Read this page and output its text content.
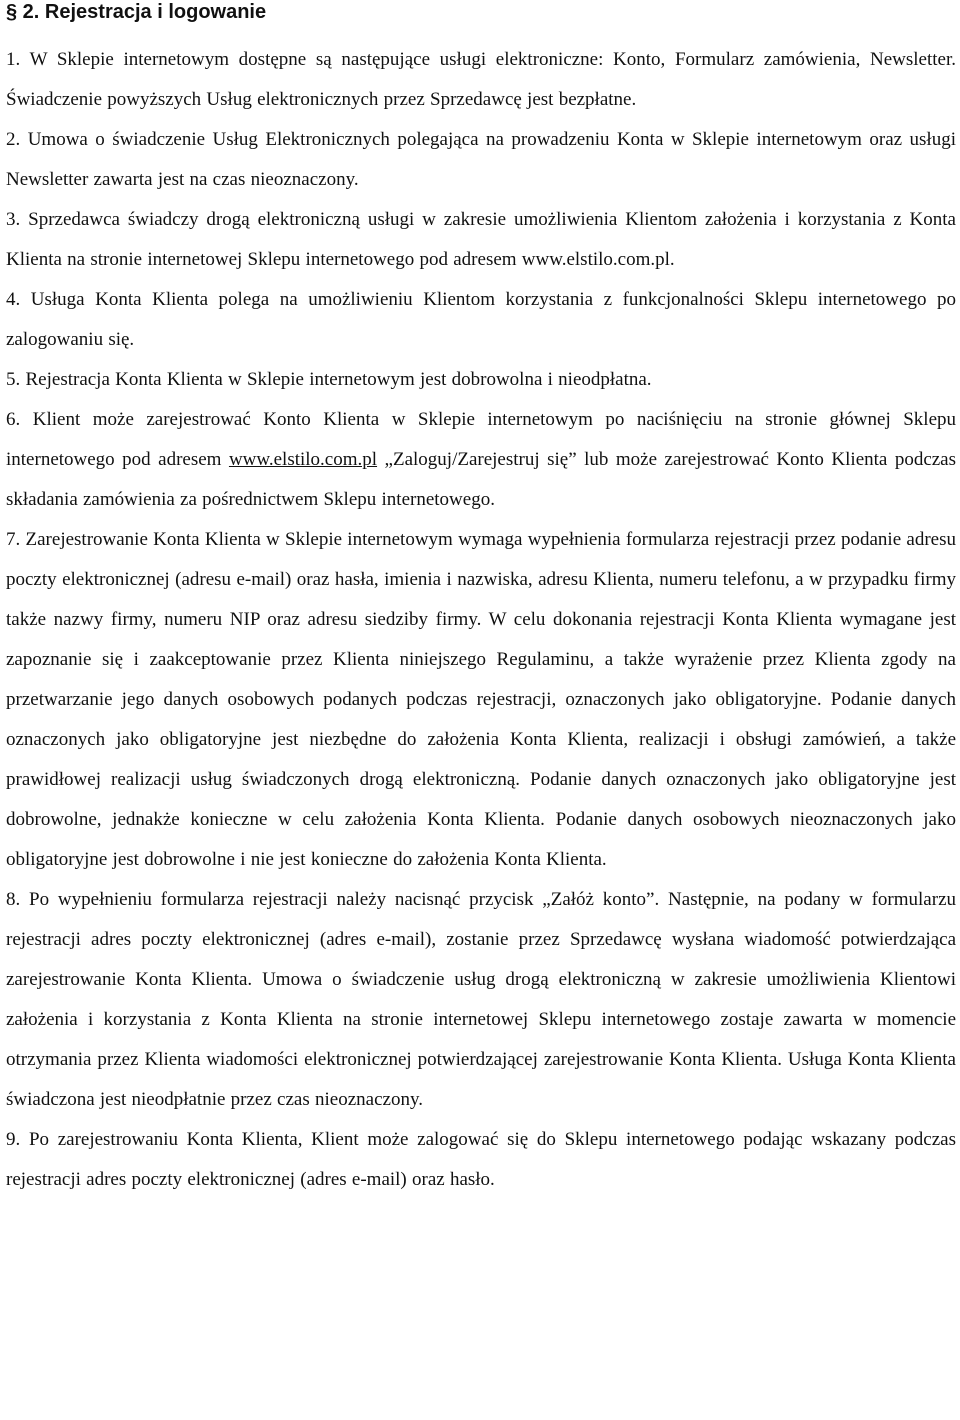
§ 2. Rejestracja i logowanie

1. W Sklepie internetowym dostępne są następujące usługi elektroniczne: Konto, Formularz zamówienia, Newsletter. Świadczenie powyższych Usług elektronicznych przez Sprzedawcę jest bezpłatne.

2. Umowa o świadczenie Usług Elektronicznych polegająca na prowadzeniu Konta w Sklepie internetowym oraz usługi Newsletter zawarta jest na czas nieoznaczony.

3. Sprzedawca świadczy drogą elektroniczną usługi w zakresie umożliwienia Klientom założenia i korzystania z Konta Klienta na stronie internetowej Sklepu internetowego pod adresem www.elstilo.com.pl.

4. Usługa Konta Klienta polega na umożliwieniu Klientom korzystania z funkcjonalności Sklepu internetowego po zalogowaniu się.

5. Rejestracja Konta Klienta w Sklepie internetowym jest dobrowolna i nieodpłatna.

6. Klient może zarejestrować Konto Klienta w Sklepie internetowym po naciśnięciu na stronie głównej Sklepu internetowego pod adresem www.elstilo.com.pl „Zaloguj/Zarejestruj się” lub może zarejestrować Konto Klienta podczas składania zamówienia za pośrednictwem Sklepu internetowego.

7. Zarejestrowanie Konta Klienta w Sklepie internetowym wymaga wypełnienia formularza rejestracji przez podanie adresu poczty elektronicznej (adresu e-mail) oraz hasła, imienia i nazwiska, adresu Klienta, numeru telefonu, a w przypadku firmy także nazwy firmy, numeru NIP oraz adresu siedziby firmy. W celu dokonania rejestracji Konta Klienta wymagane jest zapoznanie się i zaakceptowanie przez Klienta niniejszego Regulaminu, a także wyrażenie przez Klienta zgody na przetwarzanie jego danych osobowych podanych podczas rejestracji, oznaczonych jako obligatoryjne. Podanie danych oznaczonych jako obligatoryjne jest niezbędne do założenia Konta Klienta, realizacji i obsługi zamówień, a także prawidłowej realizacji usług świadczonych drogą elektroniczną. Podanie danych oznaczonych jako obligatoryjne jest dobrowolne, jednakże konieczne w celu założenia Konta Klienta. Podanie danych osobowych nieoznaczonych jako obligatoryjne jest dobrowolne i nie jest konieczne do założenia Konta Klienta.

8. Po wypełnieniu formularza rejestracji należy nacisnąć przycisk „Załóż konto”. Następnie, na podany w formularzu rejestracji adres poczty elektronicznej (adres e-mail), zostanie przez Sprzedawcę wysłana wiadomość potwierdzająca zarejestrowanie Konta Klienta. Umowa o świadczenie usług drogą elektroniczną w zakresie umożliwienia Klientowi założenia i korzystania z Konta Klienta na stronie internetowej Sklepu internetowego zostaje zawarta w momencie otrzymania przez Klienta wiadomości elektronicznej potwierdzającej zarejestrowanie Konta Klienta. Usługa Konta Klienta świadczona jest nieodpłatnie przez czas nieoznaczony.

9. Po zarejestrowaniu Konta Klienta, Klient może zalogować się do Sklepu internetowego podając wskazany podczas rejestracji adres poczty elektronicznej (adres e-mail) oraz hasło.
